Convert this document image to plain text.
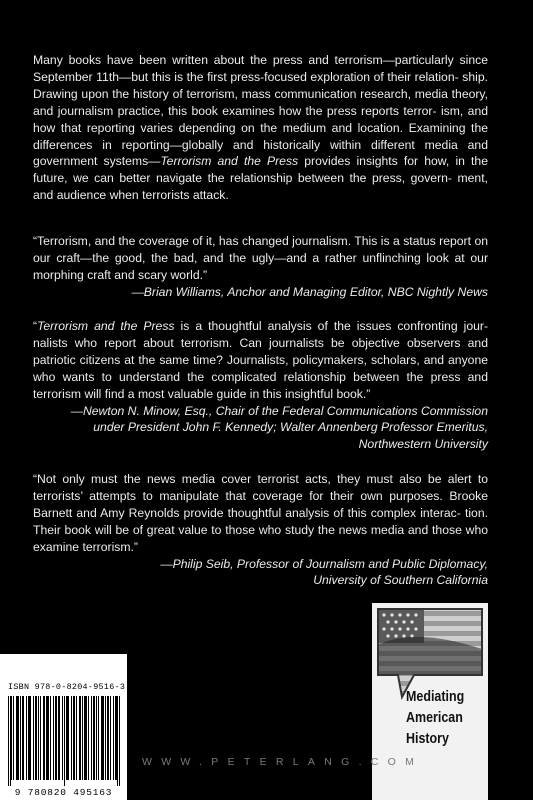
Many books have been written about the press and terrorism—particularly since September 11th—but this is the first press-focused exploration of their relation- ship. Drawing upon the history of terrorism, mass communication research, media theory, and journalism practice, this book examines how the press reports terror- ism, and how that reporting varies depending on the medium and location. Examining the differences in reporting—globally and historically within different media and government systems—Terrorism and the Press provides insights for how, in the future, we can better navigate the relationship between the press, govern- ment, and audience when terrorists attack.

“Terrorism, and the coverage of it, has changed journalism. This is a status report on our craft—the good, the bad, and the ugly—and a rather unflinching look at our morphing craft and scary world.”

—Brian Williams, Anchor and Managing Editor, NBC Nightly News

“Terrorism and the Press is a thoughtful analysis of the issues confronting jour- nalists who report about terrorism. Can journalists be objective observers and patriotic citizens at the same time? Journalists, policymakers, scholars, and anyone who wants to understand the complicated relationship between the press and terrorism will find a most valuable guide in this insightful book.”

—Newton N. Minow, Esq., Chair of the Federal Communications Commission
under President John F. Kennedy; Walter Annenberg Professor Emeritus,
Northwestern University

“Not only must the news media cover terrorist acts, they must also be alert to terrorists’ attempts to manipulate that coverage for their own purposes. Brooke Barnett and Amy Reynolds provide thoughtful analysis of this complex interac- tion. Their book will be of great value to those who study the news media and those who examine terrorism.”

—Philip Seib, Professor of Journalism and Public Diplomacy,
University of Southern California
Mediating
American
History
ISBN 978-0-8204-9516-3
9 780820 495163
WWW.PETERLANG.COM
